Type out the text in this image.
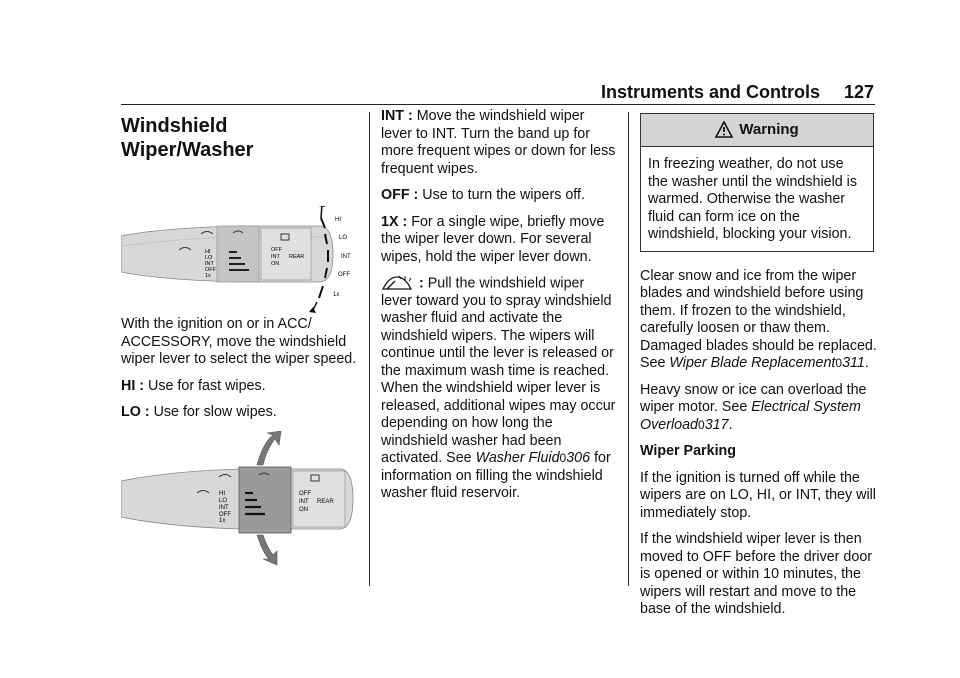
Instruments and Controls 127
Windshield Wiper/Washer
HI
LO
INT
OFF
1x
OFF
INT
ON
REAR
HI
LO
INT
OFF
1x

With the ignition on or in ACC/ ACCESSORY, move the windshield wiper lever to select the wiper speed.

HI : Use for fast wipes.

LO : Use for slow wipes.

HI
LO
INT
OFF
1x
OFF
INT
ON
REAR

INT : Move the windshield wiper lever to INT. Turn the band up for more frequent wipes or down for less frequent wipes.

OFF : Use to turn the wipers off.

1X : For a single wipe, briefly move the wiper lever down. For several wipes, hold the wiper lever down.

: Pull the windshield wiper lever toward you to spray windshield washer fluid and activate the windshield wipers. The wipers will continue until the lever is released or the maximum wash time is reached. When the windshield wiper lever is released, additional wipes may occur depending on how long the windshield washer had been activated. See Washer Fluid0306 for information on filling the windshield washer fluid reservoir.

Warning
In freezing weather, do not use the washer until the windshield is warmed. Otherwise the washer fluid can form ice on the windshield, blocking your vision.

Clear snow and ice from the wiper blades and windshield before using them. If frozen to the windshield, carefully loosen or thaw them. Damaged blades should be replaced. See Wiper Blade Replacement0311.

Heavy snow or ice can overload the wiper motor. See Electrical System Overload0317.

Wiper Parking

If the ignition is turned off while the wipers are on LO, HI, or INT, they will immediately stop.

If the windshield wiper lever is then moved to OFF before the driver door is opened or within 10 minutes, the wipers will restart and move to the base of the windshield.
